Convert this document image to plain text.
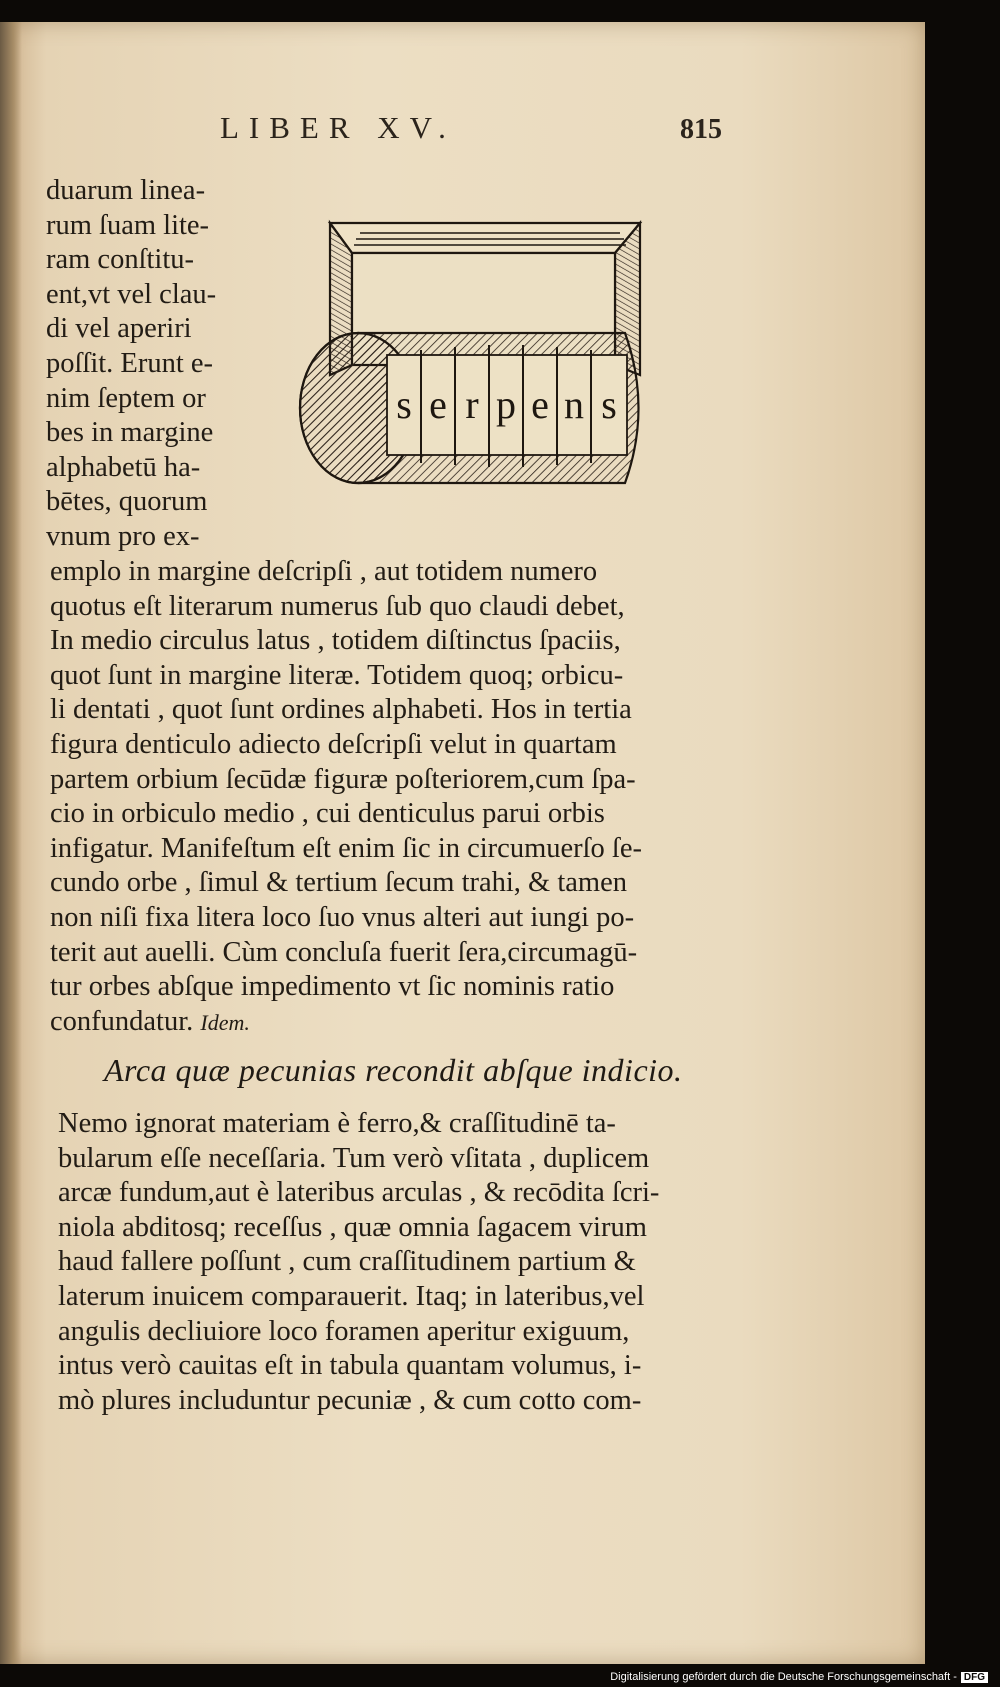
LIBER XV.	815
duarum linea-
rum ſuam lite-
ram conſtitu-
ent,vt vel clau-
di vel aperiri
poſſit. Erunt e-
nim ſeptem or
bes in margine
alphabetū ha-
bētes, quorum
vnum pro ex-
s e r p e n s
emplo in margine deſcripſi , aut totidem numero
quotus eſt literarum numerus ſub quo claudi debet,
In medio circulus latus , totidem diſtinctus ſpaciis,
quot ſunt in margine literæ. Totidem quoq; orbicu-
li dentati , quot ſunt ordines alphabeti. Hos in tertia
figura denticulo adiecto deſcripſi velut in quartam
partem orbium ſecūdæ figuræ poſteriorem,cum ſpa-
cio in orbiculo medio , cui denticulus parui orbis
infigatur. Manifeſtum eſt enim ſic in circumuerſo ſe-
cundo orbe , ſimul & tertium ſecum trahi, & tamen
non niſi fixa litera loco ſuo vnus alteri aut iungi po-
terit aut auelli. Cùm concluſa fuerit ſera,circumagū-
tur orbes abſque impedimento vt ſic nominis ratio
confundatur. Idem.
Arca quæ pecunias recondit abſque indicio.
Nemo ignorat materiam è ferro,& craſſitudinē ta-
bularum eſſe neceſſaria. Tum verò vſitata , duplicem
arcæ fundum,aut è lateribus arculas , & recōdita ſcri-
niola abditosq; receſſus , quæ omnia ſagacem virum
haud fallere poſſunt , cum craſſitudinem partium &
laterum inuicem comparauerit. Itaq; in lateribus,vel
angulis decliuiore loco foramen aperitur exiguum,
intus verò cauitas eſt in tabula quantam volumus, i-
mò plures includuntur pecuniæ , & cum cotto com-
Digitalisierung gefördert durch die Deutsche Forschungsgemeinschaft - DFG
